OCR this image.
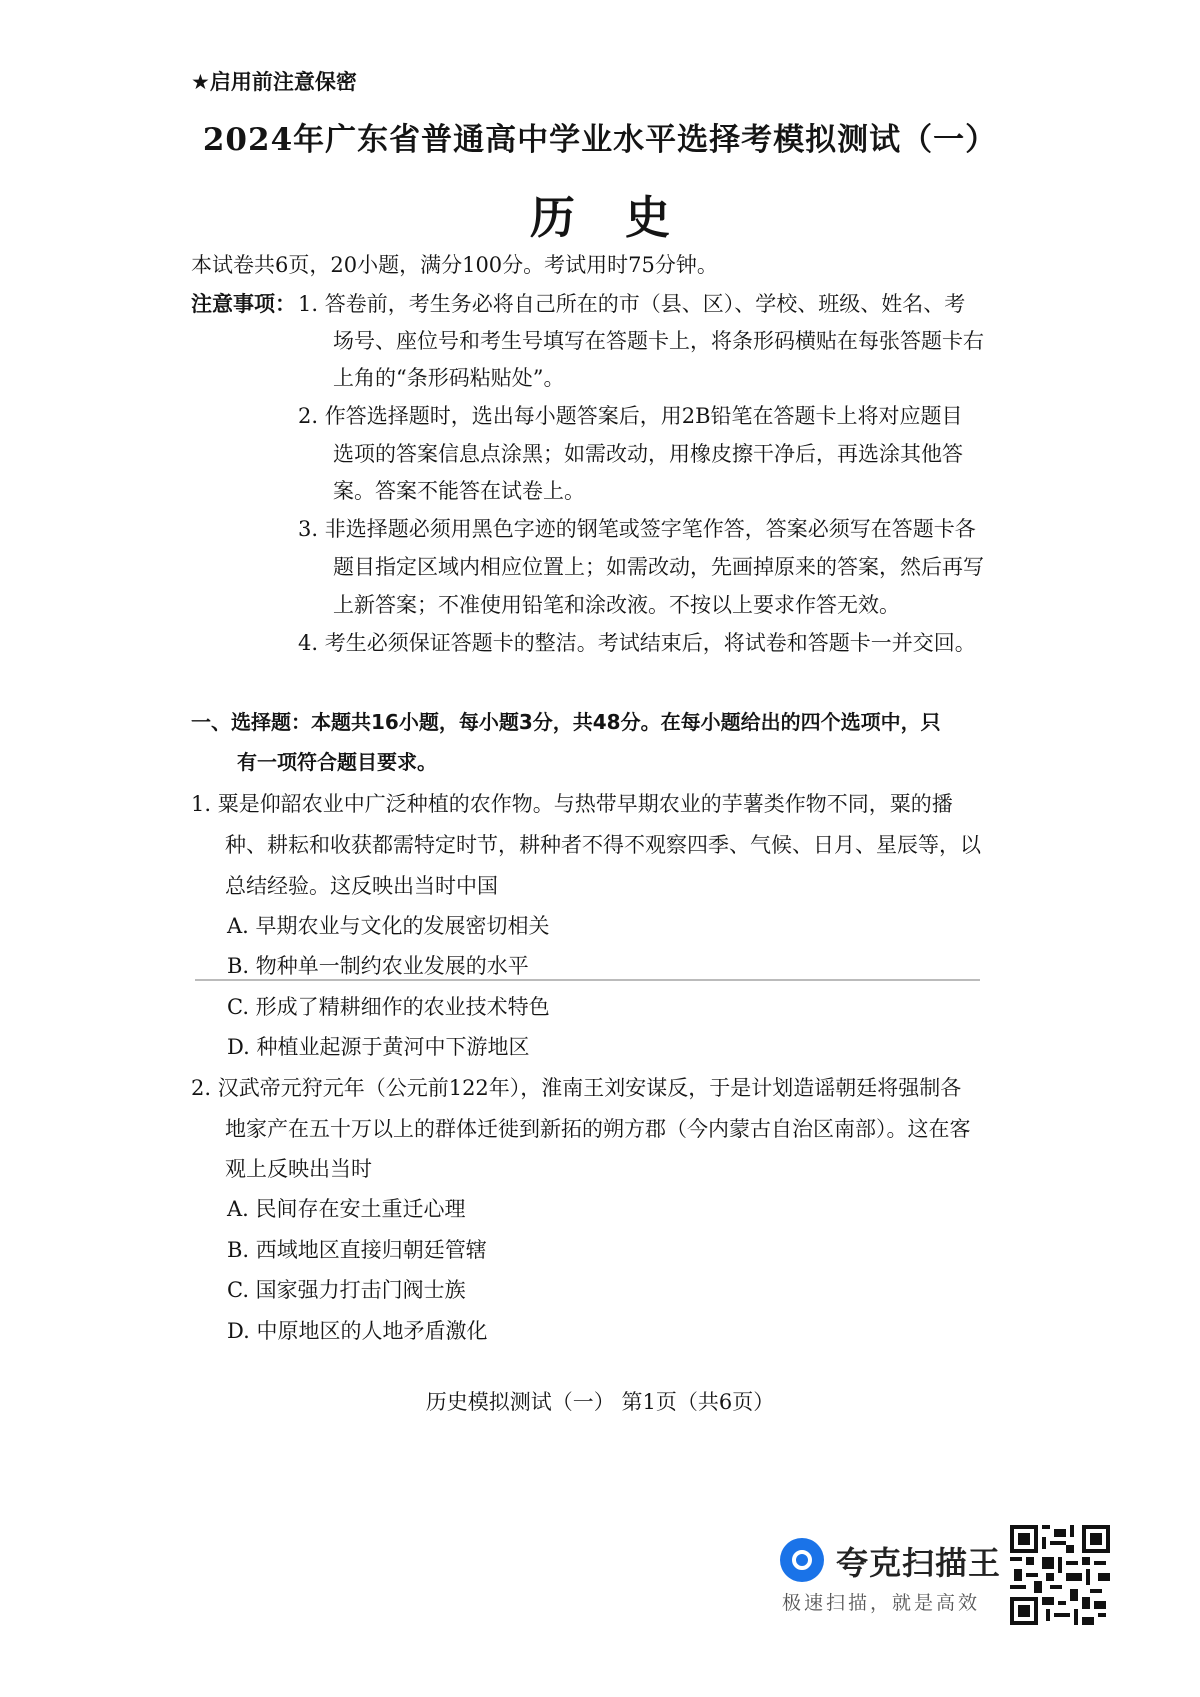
★启用前注意保密
2024年广东省普通高中学业水平选择考模拟测试（一）
历史
本试卷共6页，20小题，满分100分。考试用时75分钟。
注意事项： 1. 答卷前，考生务必将自己所在的市（县、区）、学校、班级、姓名、考
场号、座位号和考生号填写在答题卡上，将条形码横贴在每张答题卡右
上角的“条形码粘贴处”。
2. 作答选择题时，选出每小题答案后，用2B铅笔在答题卡上将对应题目
选项的答案信息点涂黑；如需改动，用橡皮擦干净后，再选涂其他答
案。答案不能答在试卷上。
3. 非选择题必须用黑色字迹的钢笔或签字笔作答，答案必须写在答题卡各
题目指定区域内相应位置上；如需改动，先画掉原来的答案，然后再写
上新答案；不准使用铅笔和涂改液。不按以上要求作答无效。
4. 考生必须保证答题卡的整洁。考试结束后，将试卷和答题卡一并交回。
一、选择题：本题共16小题，每小题3分，共48分。在每小题给出的四个选项中，只
有一项符合题目要求。
1. 粟是仰韶农业中广泛种植的农作物。与热带早期农业的芋薯类作物不同，粟的播
种、耕耘和收获都需特定时节，耕种者不得不观察四季、气候、日月、星辰等，以
总结经验。这反映出当时中国
A. 早期农业与文化的发展密切相关
B. 物种单一制约农业发展的水平
C. 形成了精耕细作的农业技术特色
D. 种植业起源于黄河中下游地区
2. 汉武帝元狩元年（公元前122年），淮南王刘安谋反，于是计划造谣朝廷将强制各
地家产在五十万以上的群体迁徙到新拓的朔方郡（今内蒙古自治区南部）。这在客
观上反映出当时
A. 民间存在安土重迁心理
B. 西域地区直接归朝廷管辖
C. 国家强力打击门阀士族
D. 中原地区的人地矛盾激化
历史模拟测试（一） 第1页（共6页）
夸克扫描王
极速扫描，就是高效
